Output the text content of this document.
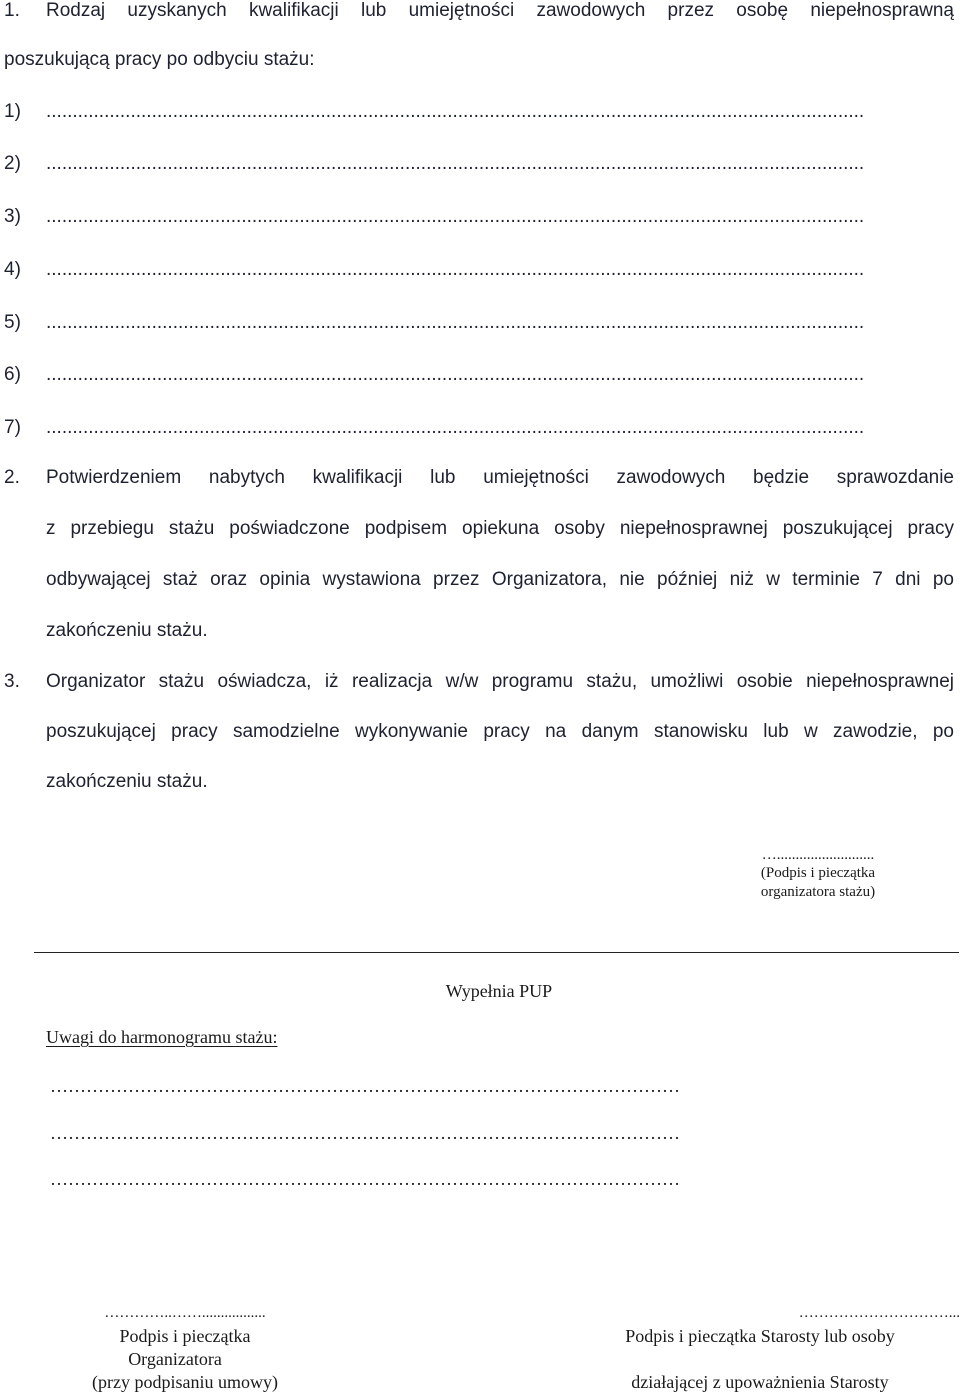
1. Rodzaj uzyskanych kwalifikacji lub umiejętności zawodowych przez osobę niepełnosprawną
poszukującą pracy po odbyciu stażu:
1) ...........................................................................................................................................................
2) ...........................................................................................................................................................
3) ...........................................................................................................................................................
4) ...........................................................................................................................................................
5) ...........................................................................................................................................................
6) ...........................................................................................................................................................
7) ...........................................................................................................................................................
2. Potwierdzeniem nabytych kwalifikacji lub umiejętności zawodowych będzie sprawozdanie
z przebiegu stażu poświadczone podpisem opiekuna osoby niepełnosprawnej poszukującej pracy
odbywającej staż oraz opinia wystawiona przez Organizatora, nie później niż w terminie 7 dni po
zakończeniu stażu.
3. Organizator stażu oświadcza, iż realizacja w/w programu stażu, umożliwi osobie niepełnosprawnej
poszukującej pracy samodzielne wykonywanie pracy na danym stanowisku lub w zawodzie, po
zakończeniu stażu.
…..........................
(Podpis i pieczątka
organizatora stażu)
Wypełnia PUP
Uwagi do harmonogramu stażu:
……………………………………………………………………………………………
……………………………………………………………………………………………
……………………………………………………………………………………………
…………..…….................
Podpis i pieczątka
Organizatora
(przy podpisaniu umowy)
…………………………...
Podpis i pieczątka Starosty lub osoby
działającej z upoważnienia Starosty
